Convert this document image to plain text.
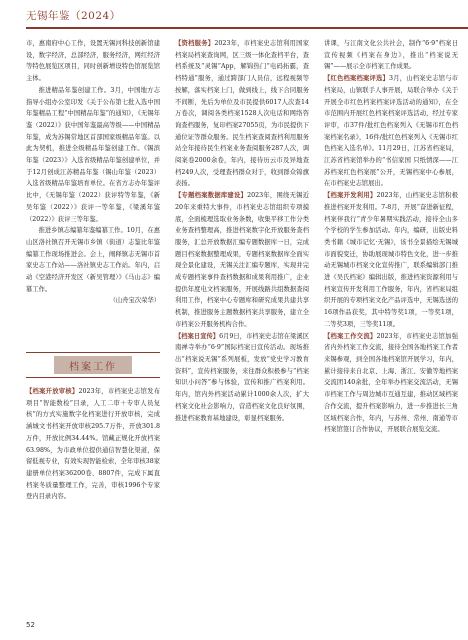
无锡年鉴（2024）

市，惠南府中心工作，设置无锡河科技创新馆建设，数字经济，总部经济，服务经济，网红经济等特色展览区项目，同时创新增设特色馆展览馆主体。

推进精品年鉴创建工作。3月，中国地方志指导小组办公室印发《关于公布第七批入选中国年鉴精品工程“中国精品年鉴”的通知》，《无锡年鉴（2022）》获中国年鉴最高等级——中国精品年鉴，成为苏锡常地区首部国家级精品年鉴。以此为契机，推进全级精品年鉴创建工作。《锡滨年鉴（2023）》入选省级精品年鉴创建单位，并于12月创成江苏精品年鉴（锡山年鉴（2023）入选省级精品年鉴培育单位。在省方志办年鉴评比中，《无锡年鉴（2022）获评特等年鉴，《新吴年鉴（2022）》获评一等年鉴，《梁溪年鉴（2022）》获评三等年鉴。

推进乡镇志编纂年鉴编纂工作。10月，在惠山区洛社镇召开无锡市乡镇（街道）志鉴比年鉴编纂工作现场推进会。会上，阐释镇志无锡市首家史志工作站——洛社镇史志工作站。年内，启动《空港经济开发区（新吴管理）》《马山志》编纂工作。

（山舟宝次荣华）

档案工作

【档案开放审核】2023年，市档案史志馆发布项目“智能数检”目录，人工二审＋专审人员复核”的方式实施数字化档案进行开放审核，完成涵城文书档案开放审核295.7万件，开放301.8万件，开放比例34.44%。馆藏正规化开放档案63.98%，为市政单位提供通信智慧化渠道，保留低视专业，有效实现智能检索，全年审核38家建册单位档案36200卷、8807件，完成下属直档案冬质量整理工作，完善，审核1996个专家登内目录内容。

【资档服务】2023年，市档案史志馆利用国家档案局档案查询网，区三级一体化查档平台，查档系统及“灵锡”App，解锦热门“电码拓霸，查档特通”服务，通过跨部门人员信，远程视频等按解，落实档案上门，做到线上，线下合同服务不间断，先后为单位及市民提供6017人次查14万卷次，调阅各类档案1528人次电话和网络咨询查档服务，复印档案27055页，为市民提供下通位证等群众服务。民生档案查阅查档利用服务站全年接待民生档案业务查阅服务287人次，调阅案卷2000余卷，年内，接待历云市及异地查档249人次，受理查档群众对于，收到群众锦旗表扬。

【专题档案数据库建设】2023年，围绕无锡近20年来重特大事件，市档案史志馆组织专项摸底，全面梳理选取业务条数，收集平移工作分类业务查档整理高，推进档案数字化开放服务查档服务，汇总开放数据汇编专题数据库一日，完成题目档案数据整理成果，专题档案数据库全面实现全景化建设，无锡关注汇编专题库，实现并完成专题档案事件查档数据和成果利用推广，企业提供年度电文档案服务，开展线路共组数据查阅利用工作，档案中心专题库和研究成果共建共享机制，推进服务主题数据档案共享服务，建立全市档案公开服务机构合作。

【档案日宣传】6月9日，市档案史志馆在梁溪区南禅寺举办“6·9”国际档案日宣传活动。现场推出“档案说无锡”系列展板，发放“党史学习教育资料”，宣传档案服务，来往群众积极参与“档案知识小问答”参与体验，宣传和推广档案利用。年内，馆内外档案活动累计1000余人次，扩大档案文化社会影响力，营造档案文化良好氛围，推进档案教育基地建设，彰显档案服务。

讲课，与江南文化公共社会，制作“6·9”档案日宣传视频《档案在身边》，推出“档案说无锡”——展示全市档案工作成果。

【红色档案档案评选】3月，山档案史志馆与市档案局，山镇联手人事开展，局联合举办《关于开展全市红色档案档案评选活动的通知》，在全市范围内开展红色档案档案评选活动，经过专家评审，市37件/批红色档案列入《无锡市红色档案档案名录》，16件/批红色档案列入《无锡市红色档案入选名单》。11月29日，江苏省档案局，江苏省档案馆举办的“书信家国 只纸情深——江苏档案红色档案展”公开，无锡档案中心参展，在市档案史志馆展出。

【档案开发利用】2023年，山档案史志馆积极推进档案开发利用。7-8月，开展“奋进新征程，档案伴我行”青少年暑期实践活动，接待全山多个学校的学生参加活动。年内，编研，出版史料类书籍《城市记忆·无锡》，该书全景描绘无锡城市面貌变迁，协助展现城市特色文化，进一步推动无锡城市档案文化宣传推广，联系编辑部门推进《吴氏档案》编辑出版，推进档案资源利用与档案宣传开发利用工作服务，年内，省档案局组织开展的专项档案文化产品评选中，无锡选送的16项作品获奖，其中特等奖1项，一等奖1项，二等奖3项，三等奖11项。

【档案工作交流】2023年，市档案史志馆加强省内外档案工作交流，接待全国各地档案工作者来锡参观，到全国各地档案馆开展学习，年内，累计接待来自北京、上海、浙江、安徽等地档案交流团140余批，全年举办档案交流活动，无锡市档案工作与周边城市互通互建，推动区域档案合作交流，提升档案影响力，进一步推进长三角区域档案合作，年内，与苏州、常州、南通等市档案馆签订合作协议，开展联合展览交流。

52
